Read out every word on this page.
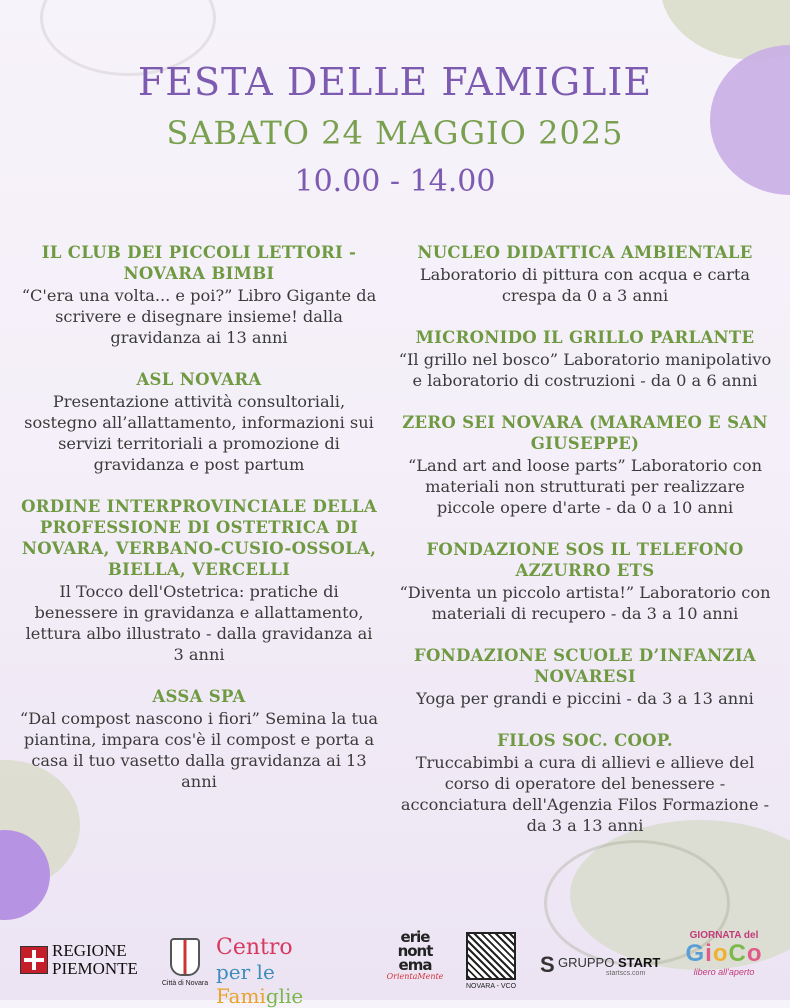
FESTA DELLE FAMIGLIE
SABATO 24 MAGGIO 2025
10.00 - 14.00
IL CLUB DEI PICCOLI LETTORI - NOVARA BIMBI
“C'era una volta... e poi?” Libro Gigante da scrivere e disegnare insieme! dalla gravidanza ai 13 anni
ASL NOVARA
Presentazione attività consultoriali, sostegno all’allattamento, informazioni sui servizi territoriali a promozione di gravidanza e post partum
ORDINE INTERPROVINCIALE DELLA PROFESSIONE DI OSTETRICA DI NOVARA, VERBANO-CUSIO-OSSOLA, BIELLA, VERCELLI
Il Tocco dell'Ostetrica: pratiche di benessere in gravidanza e allattamento, lettura albo illustrato - dalla gravidanza ai 3 anni
ASSA SPA
“Dal compost nascono i fiori” Semina la tua piantina, impara cos'è il compost e porta a casa il tuo vasetto dalla gravidanza ai 13 anni
NUCLEO DIDATTICA AMBIENTALE
Laboratorio di pittura con acqua e carta crespa da 0 a 3 anni
MICRONIDO IL GRILLO PARLANTE
“Il grillo nel bosco” Laboratorio manipolativo e laboratorio di costruzioni - da 0 a 6 anni
ZERO SEI NOVARA (MARAMEO E SAN GIUSEPPE)
“Land art and loose parts” Laboratorio con materiali non strutturati per realizzare piccole opere d'arte - da 0 a 10 anni
FONDAZIONE SOS IL TELEFONO AZZURRO ETS
“Diventa un piccolo artista!” Laboratorio con materiali di recupero - da 3 a 10 anni
FONDAZIONE SCUOLE D’INFANZIA NOVARESI
Yoga per grandi e piccini - da 3 a 13 anni
FILOS SOC. COOP.
Truccabimbi a cura di allievi e allieve del corso di operatore del benessere - acconciatura dell'Agenzia Filos Formazione - da 3 a 13 anni
REGIONE
PIEMONTE
Città di Novara
Centro
per le Famiglie
erie
nont
ema
OrientaMente
NOVARA - VCO
S GRUPPO START
startscs.com
GIORNATA del
GioCo
libero all'aperto
